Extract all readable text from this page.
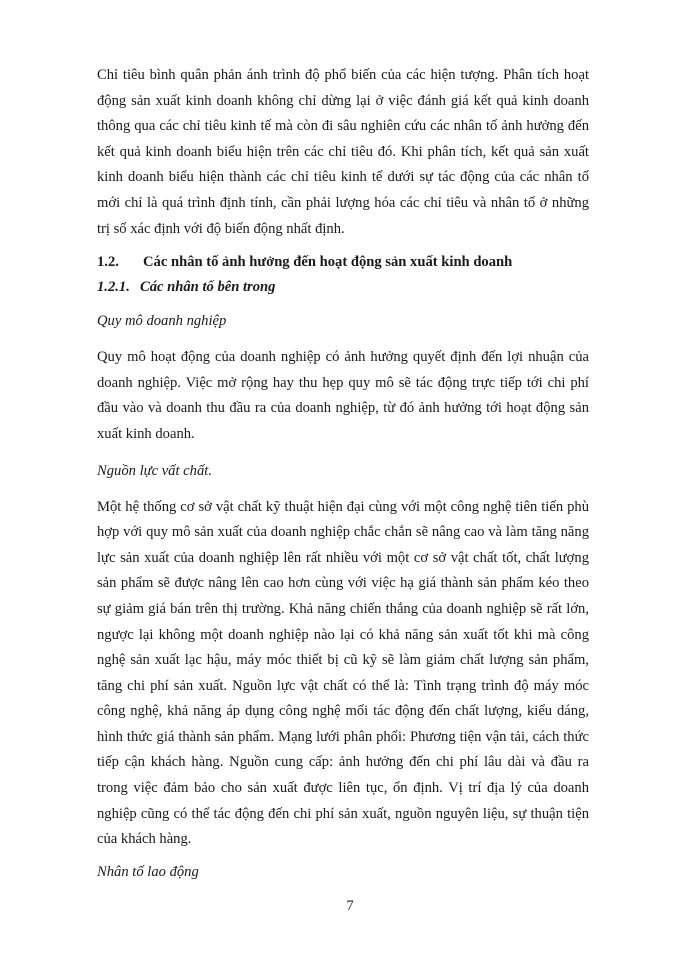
Chỉ tiêu bình quân phản ánh trình độ phổ biến của các hiện tượng. Phân tích hoạt động sản xuất kinh doanh không chỉ dừng lại ở việc đánh giá kết quả kinh doanh thông qua các chỉ tiêu kinh tế mà còn đi sâu nghiên cứu các nhân tố ảnh hưởng đến kết quả kinh doanh biểu hiện trên các chỉ tiêu đó. Khi phân tích, kết quả sản xuất kinh doanh biểu hiện thành các chỉ tiêu kinh tế dưới sự tác động của các nhân tố mới chỉ là quá trình định tính, cần phải lượng hóa các chỉ tiêu và nhân tố ở những trị số xác định với độ biến động nhất định.

1.2. Các nhân tố ảnh hưởng đến hoạt động sản xuất kinh doanh

1.2.1. Các nhân tố bên trong

Quy mô doanh nghiệp

Quy mô hoạt động của doanh nghiệp có ảnh hưởng quyết định đến lợi nhuận của doanh nghiệp. Việc mở rộng hay thu hẹp quy mô sẽ tác động trực tiếp tới chi phí đầu vào và doanh thu đầu ra của doanh nghiệp, từ đó ảnh hưởng tới hoạt động sản xuất kinh doanh.

Nguồn lực vất chất.

Một hệ thống cơ sở vật chất kỹ thuật hiện đại cùng với một công nghệ tiên tiến phù hợp với quy mô sản xuất của doanh nghiệp chắc chắn sẽ nâng cao và làm tăng năng lực sản xuất của doanh nghiệp lên rất nhiều với một cơ sở vật chất tốt, chất lượng sản phẩm sẽ được nâng lên cao hơn cùng với việc hạ giá thành sản phẩm kéo theo sự giảm giá bán trên thị trường. Khả năng chiến thắng của doanh nghiệp sẽ rất lớn, ngược lại không một doanh nghiệp nào lại có khả năng sản xuất tốt khi mà công nghệ sản xuất lạc hậu, máy móc thiết bị cũ kỹ sẽ làm giảm chất lượng sản phẩm, tăng chi phí sản xuất. Nguồn lực vật chất có thể là: Tình trạng trình độ máy móc công nghệ, khả năng áp dụng công nghệ mối tác động đến chất lượng, kiểu dáng, hình thức giá thành sản phẩm. Mạng lưới phân phối: Phương tiện vận tải, cách thức tiếp cận khách hàng. Nguồn cung cấp: ảnh hưởng đến chi phí lâu dài và đầu ra trong việc đảm bảo cho sản xuất được liên tục, ổn định. Vị trí địa lý của doanh nghiệp cũng có thể tác động đến chi phí sản xuất, nguồn nguyên liệu, sự thuận tiện của khách hàng.

Nhân tố lao động

7
